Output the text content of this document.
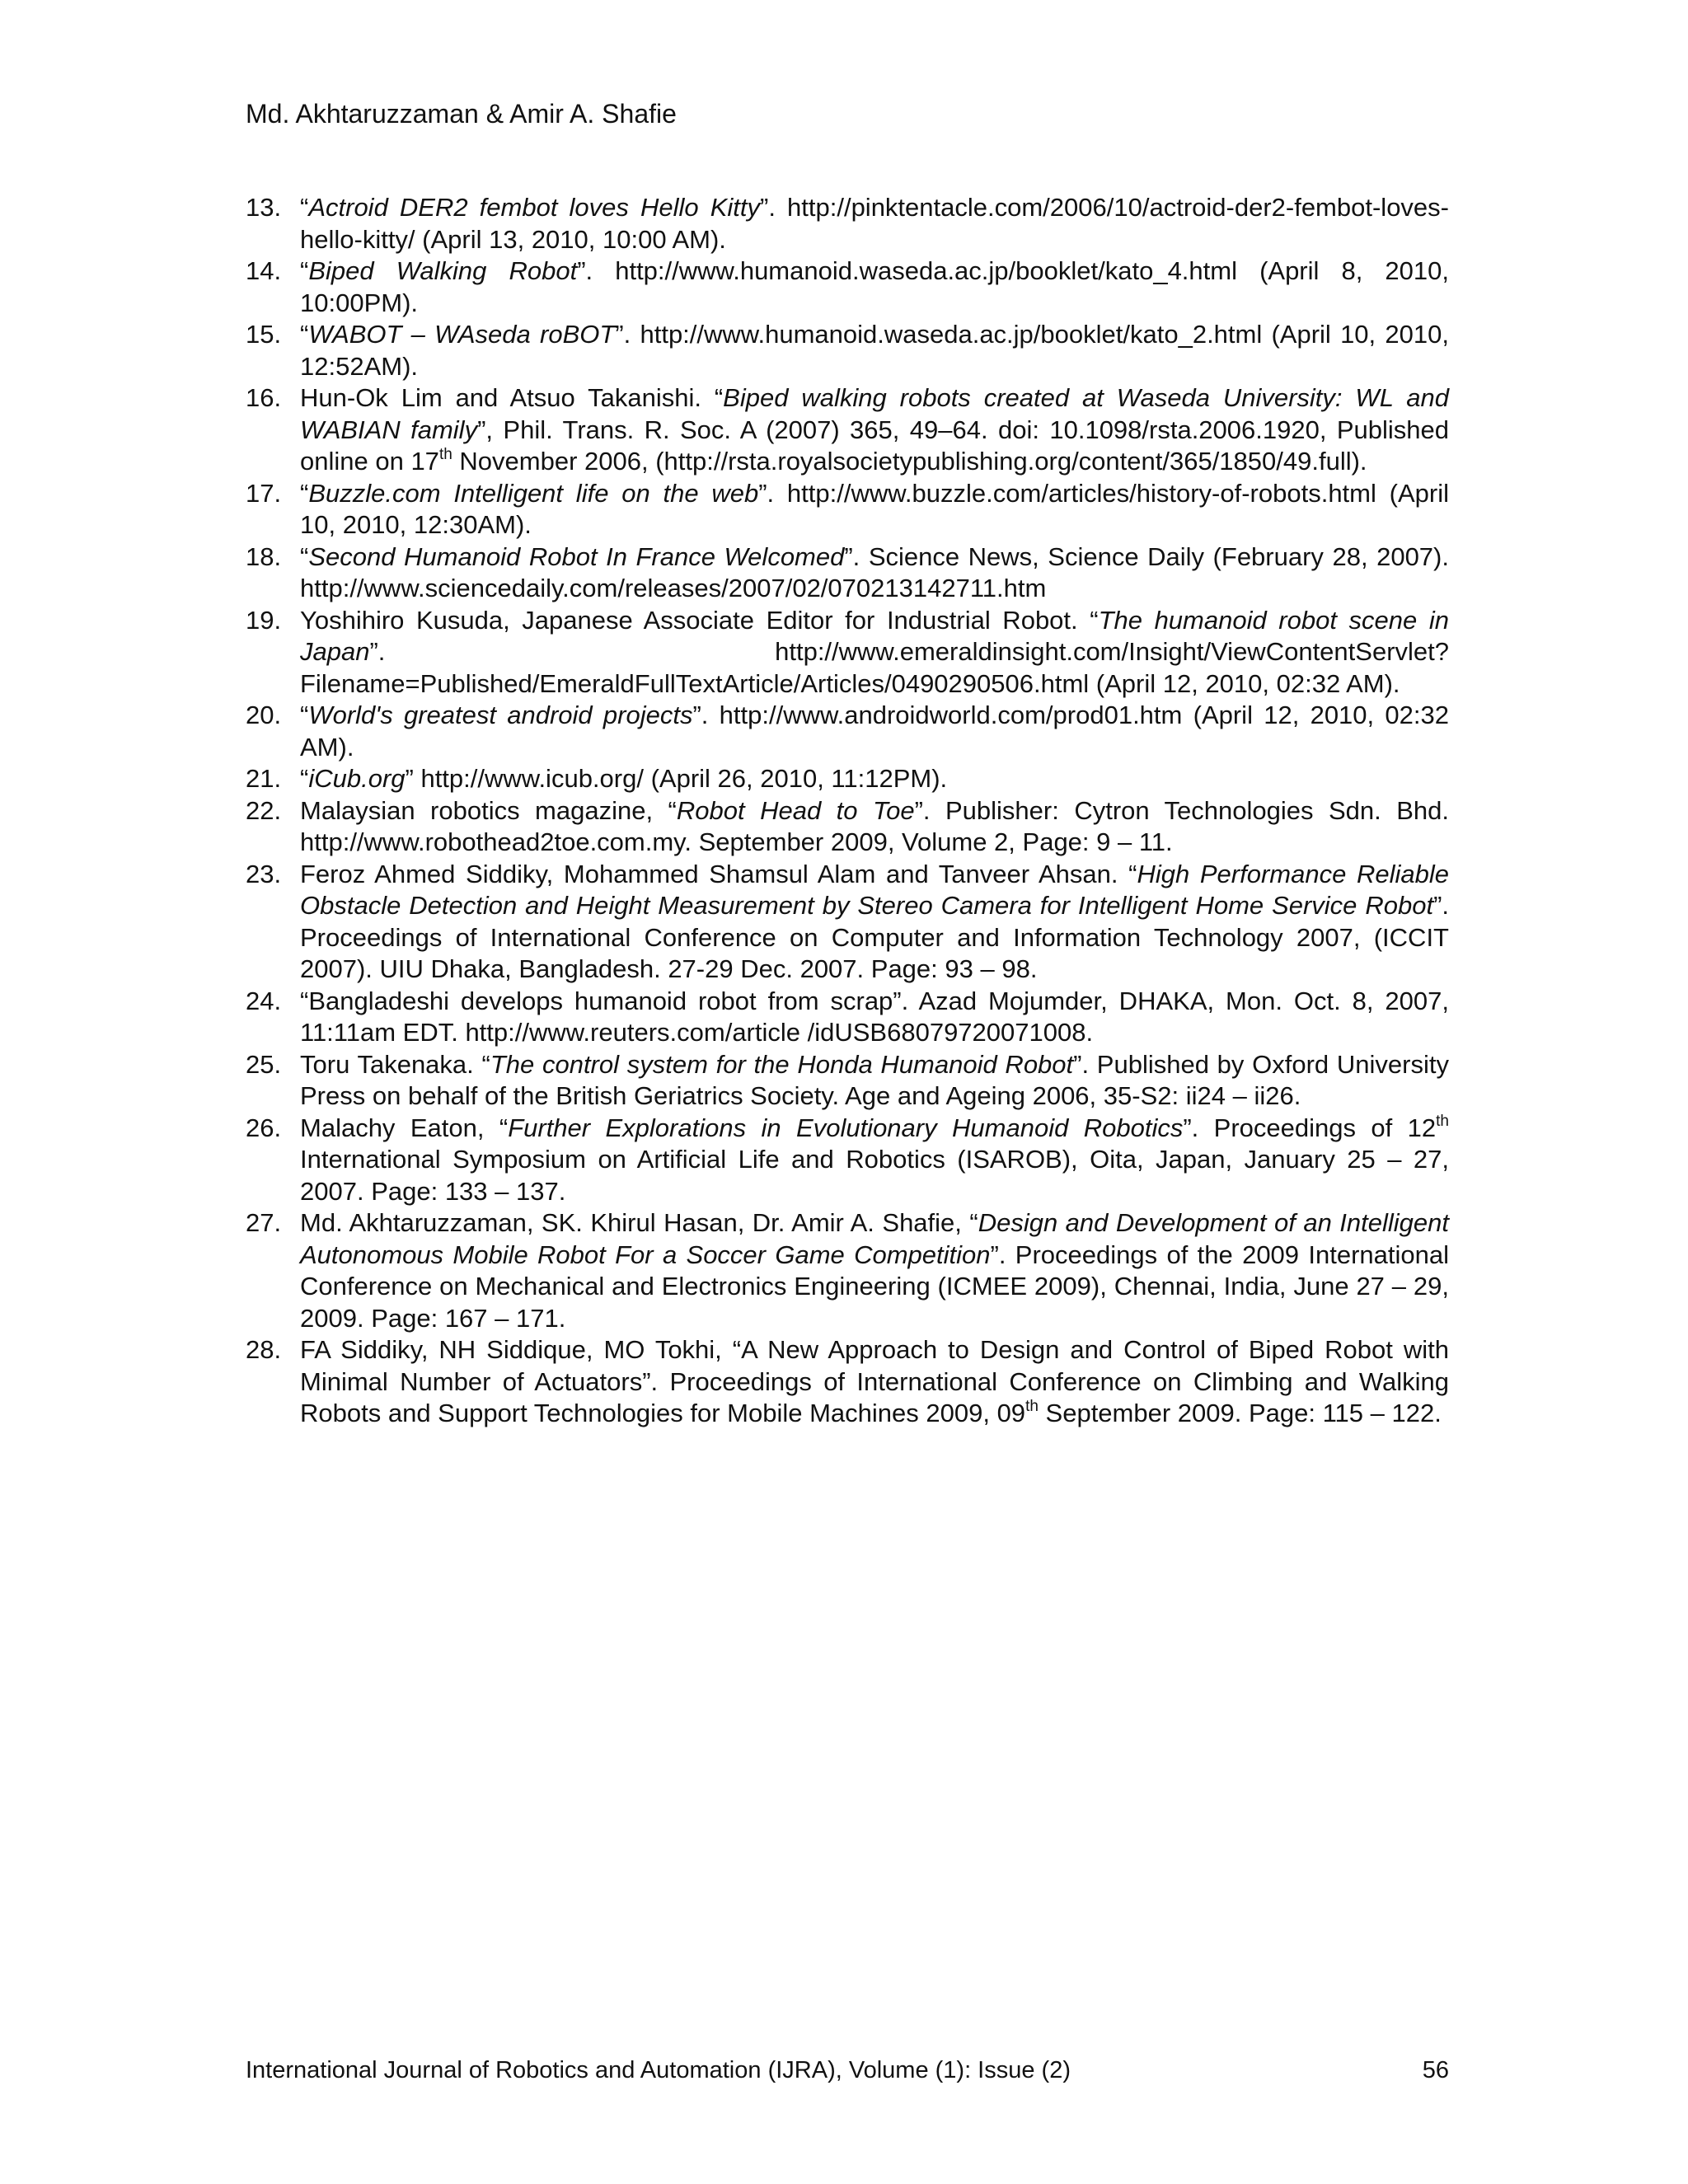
Md. Akhtaruzzaman & Amir A. Shafie
13. “Actroid DER2 fembot loves Hello Kitty”. http://pinktentacle.com/2006/10/actroid-der2-fembot-loves-hello-kitty/ (April 13, 2010, 10:00 AM).
14. “Biped Walking Robot”. http://www.humanoid.waseda.ac.jp/booklet/kato_4.html (April 8, 2010, 10:00PM).
15. “WABOT – WAseda roBOT”. http://www.humanoid.waseda.ac.jp/booklet/kato_2.html (April 10, 2010, 12:52AM).
16. Hun-Ok Lim and Atsuo Takanishi. “Biped walking robots created at Waseda University: WL and WABIAN family”, Phil. Trans. R. Soc. A (2007) 365, 49–64. doi: 10.1098/rsta.2006.1920, Published online on 17th November 2006, (http://rsta.royalsocietypublishing.org/content/365/1850/49.full).
17. “Buzzle.com Intelligent life on the web”. http://www.buzzle.com/articles/history-of-robots.html (April 10, 2010, 12:30AM).
18. “Second Humanoid Robot In France Welcomed”. Science News, Science Daily (February 28, 2007). http://www.sciencedaily.com/releases/2007/02/070213142711.htm
19. Yoshihiro Kusuda, Japanese Associate Editor for Industrial Robot. “The humanoid robot scene in Japan”. http://www.emeraldinsight.com/Insight/ViewContentServlet?Filename=Published/EmeraldFullTextArticle/Articles/0490290506.html (April 12, 2010, 02:32 AM).
20. “World's greatest android projects”. http://www.androidworld.com/prod01.htm (April 12, 2010, 02:32 AM).
21. “iCub.org” http://www.icub.org/ (April 26, 2010, 11:12PM).
22. Malaysian robotics magazine, “Robot Head to Toe”. Publisher: Cytron Technologies Sdn. Bhd. http://www.robothead2toe.com.my. September 2009, Volume 2, Page: 9 – 11.
23. Feroz Ahmed Siddiky, Mohammed Shamsul Alam and Tanveer Ahsan. “High Performance Reliable Obstacle Detection and Height Measurement by Stereo Camera for Intelligent Home Service Robot”. Proceedings of International Conference on Computer and Information Technology 2007, (ICCIT 2007). UIU Dhaka, Bangladesh. 27-29 Dec. 2007. Page: 93 – 98.
24. “Bangladeshi develops humanoid robot from scrap”. Azad Mojumder, DHAKA, Mon. Oct. 8, 2007, 11:11am EDT. http://www.reuters.com/article /idUSB68079720071008.
25. Toru Takenaka. “The control system for the Honda Humanoid Robot”. Published by Oxford University Press on behalf of the British Geriatrics Society. Age and Ageing 2006, 35-S2: ii24 – ii26.
26. Malachy Eaton, “Further Explorations in Evolutionary Humanoid Robotics”. Proceedings of 12th International Symposium on Artificial Life and Robotics (ISAROB), Oita, Japan, January 25 – 27, 2007. Page: 133 – 137.
27. Md. Akhtaruzzaman, SK. Khirul Hasan, Dr. Amir A. Shafie, “Design and Development of an Intelligent Autonomous Mobile Robot For a Soccer Game Competition”. Proceedings of the 2009 International Conference on Mechanical and Electronics Engineering (ICMEE 2009), Chennai, India, June 27 – 29, 2009. Page: 167 – 171.
28. FA Siddiky, NH Siddique, MO Tokhi, “A New Approach to Design and Control of Biped Robot with Minimal Number of Actuators”. Proceedings of International Conference on Climbing and Walking Robots and Support Technologies for Mobile Machines 2009, 09th September 2009. Page: 115 – 122.
International Journal of Robotics and Automation (IJRA), Volume (1): Issue (2)	56
